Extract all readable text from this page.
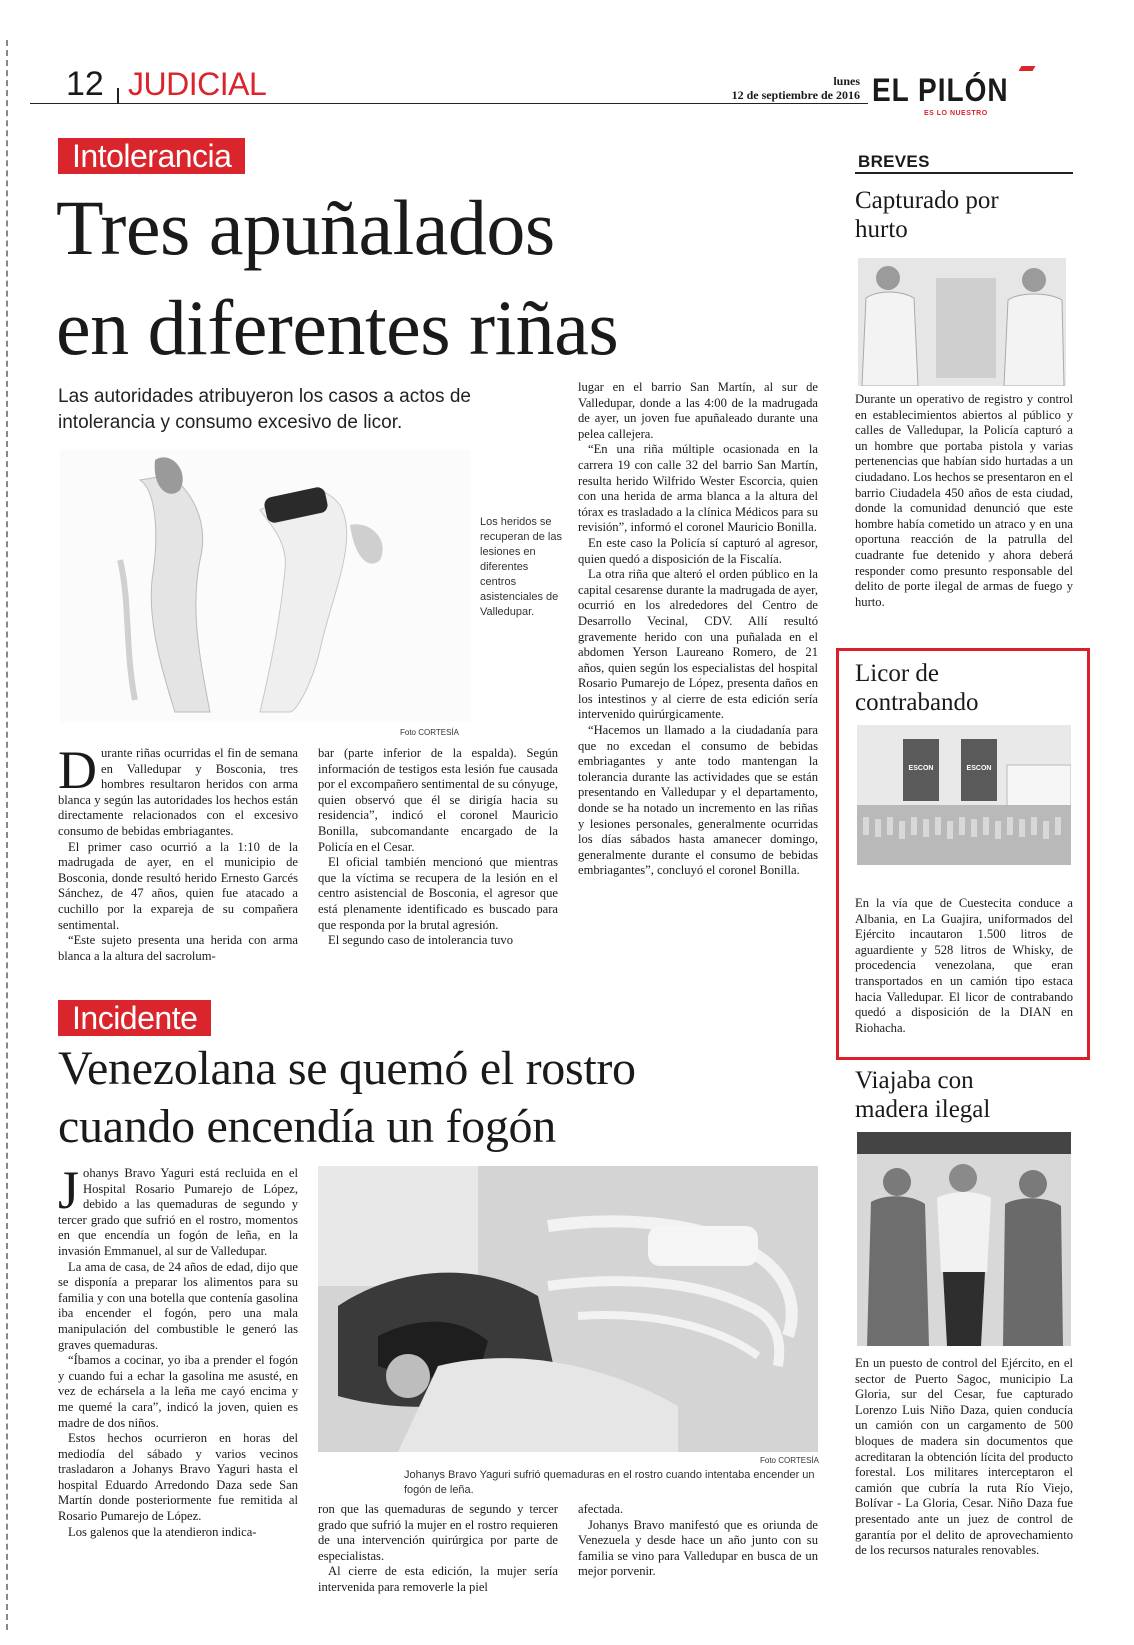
12 JUDICIAL	lunes
12 de septiembre de 2016 EL PILÓN
ES LO NUESTRO
Intolerancia
Tres apuñalados
en diferentes riñas
Las autoridades atribuyeron los casos a actos de
intolerancia y consumo excesivo de licor.
Los heridos se recuperan de las lesiones en diferentes centros asistenciales de Valledupar.
Foto CORTESÍA
D urante riñas ocurridas el fin de semana en Valledupar y Bosconia, tres hombres resultaron heridos con arma blanca y según las autoridades los hechos están directamente relacionados con el excesivo consumo de bebidas embriagantes.

El primer caso ocurrió a la 1:10 de la madrugada de ayer, en el municipio de Bosconia, donde resultó herido Ernesto Garcés Sánchez, de 47 años, quien fue atacado a cuchillo por la expareja de su compañera sentimental.

“Este sujeto presenta una herida con arma blanca a la altura del sacrolum-

bar (parte inferior de la espalda). Según información de testigos esta lesión fue causada por el excompañero sentimental de su cónyuge, quien observó que él se dirigía hacia su residencia”, indicó el coronel Mauricio Bonilla, subcomandante encargado de la Policía en el Cesar.

El oficial también mencionó que mientras que la víctima se recupera de la lesión en el centro asistencial de Bosconia, el agresor que está plenamente identificado es buscado para que responda por la brutal agresión.

El segundo caso de intolerancia tuvo

lugar en el barrio San Martín, al sur de Valledupar, donde a las 4:00 de la madrugada de ayer, un joven fue apuñaleado durante una pelea callejera.

“En una riña múltiple ocasionada en la carrera 19 con calle 32 del barrio San Martín, resulta herido Wilfrido Wester Escorcia, quien con una herida de arma blanca a la altura del tórax es trasladado a la clínica Médicos para su revisión”, informó el coronel Mauricio Bonilla.

En este caso la Policía sí capturó al agresor, quien quedó a disposición de la Fiscalía.

La otra riña que alteró el orden público en la capital cesarense durante la madrugada de ayer, ocurrió en los alrededores del Centro de Desarrollo Vecinal, CDV. Allí resultó gravemente herido con una puñalada en el abdomen Yerson Laureano Romero, de 21 años, quien según los especialistas del hospital Rosario Pumarejo de López, presenta daños en los intestinos y al cierre de esta edición sería intervenido quirúrgicamente.

“Hacemos un llamado a la ciudadanía para que no excedan el consumo de bebidas embriagantes y ante todo mantengan la tolerancia durante las actividades que se están presentando en Valledupar y el departamento, donde se ha notado un incremento en las riñas y lesiones personales, generalmente ocurridas los días sábados hasta amanecer domingo, generalmente durante el consumo de bebidas embriagantes”, concluyó el coronel Bonilla.

Incidente
Venezolana se quemó el rostro
cuando encendía un fogón
J ohanys Bravo Yaguri está recluida en el Hospital Rosario Pumarejo de López, debido a las quemaduras de segundo y tercer grado que sufrió en el rostro, momentos en que encendía un fogón de leña, en la invasión Emmanuel, al sur de Valledupar.

La ama de casa, de 24 años de edad, dijo que se disponía a preparar los alimentos para su familia y con una botella que contenía gasolina iba encender el fogón, pero una mala manipulación del combustible le generó las graves quemaduras.

“Íbamos a cocinar, yo iba a prender el fogón y cuando fui a echar la gasolina me asusté, en vez de echársela a la leña me cayó encima y me quemé la cara”, indicó la joven, quien es madre de dos niños.

Estos hechos ocurrieron en horas del mediodía del sábado y varios vecinos trasladaron a Johanys Bravo Yaguri hasta el hospital Eduardo Arredondo Daza sede San Martín donde posteriormente fue remitida al Rosario Pumarejo de López.

Los galenos que la atendieron indica-

Foto CORTESÍA
Johanys Bravo Yaguri sufrió quemaduras en el rostro cuando intentaba encender un fogón de leña.

ron que las quemaduras de segundo y tercer grado que sufrió la mujer en el rostro requieren de una intervención quirúrgica por parte de especialistas.

Al cierre de esta edición, la mujer sería intervenida para removerle la piel

afectada.

Johanys Bravo manifestó que es oriunda de Venezuela y desde hace un año junto con su familia se vino para Valledupar en busca de un mejor porvenir.

BREVES
Capturado por
hurto
Durante un operativo de registro y control en establecimientos abiertos al público y calles de Valledupar, la Policía capturó a un hombre que portaba pistola y varias pertenencias que habían sido hurtadas a un ciudadano. Los hechos se presentaron en el barrio Ciudadela 450 años de esta ciudad, donde la comunidad denunció que este hombre había cometido un atraco y en una oportuna reacción de la patrulla del cuadrante fue detenido y ahora deberá responder como presunto responsable del delito de porte ilegal de armas de fuego y hurto.
Licor de
contrabando
ESCON	ESCON
En la vía que de Cuestecita conduce a Albania, en La Guajira, uniformados del Ejército incautaron 1.500 litros de aguardiente y 528 litros de Whisky, de procedencia venezolana, que eran transportados en un camión tipo estaca hacia Valledupar. El licor de contrabando quedó a disposición de la DIAN en Riohacha.
Viajaba con
madera ilegal
En un puesto de control del Ejército, en el sector de Puerto Sagoc, municipio La Gloria, sur del Cesar, fue capturado Lorenzo Luis Niño Daza, quien conducía un camión con un cargamento de 500 bloques de madera sin documentos que acreditaran la obtención lícita del producto forestal. Los militares interceptaron el camión que cubría la ruta Río Viejo, Bolívar - La Gloria, Cesar. Niño Daza fue presentado ante un juez de control de garantía por el delito de aprovechamiento de los recursos naturales renovables.
